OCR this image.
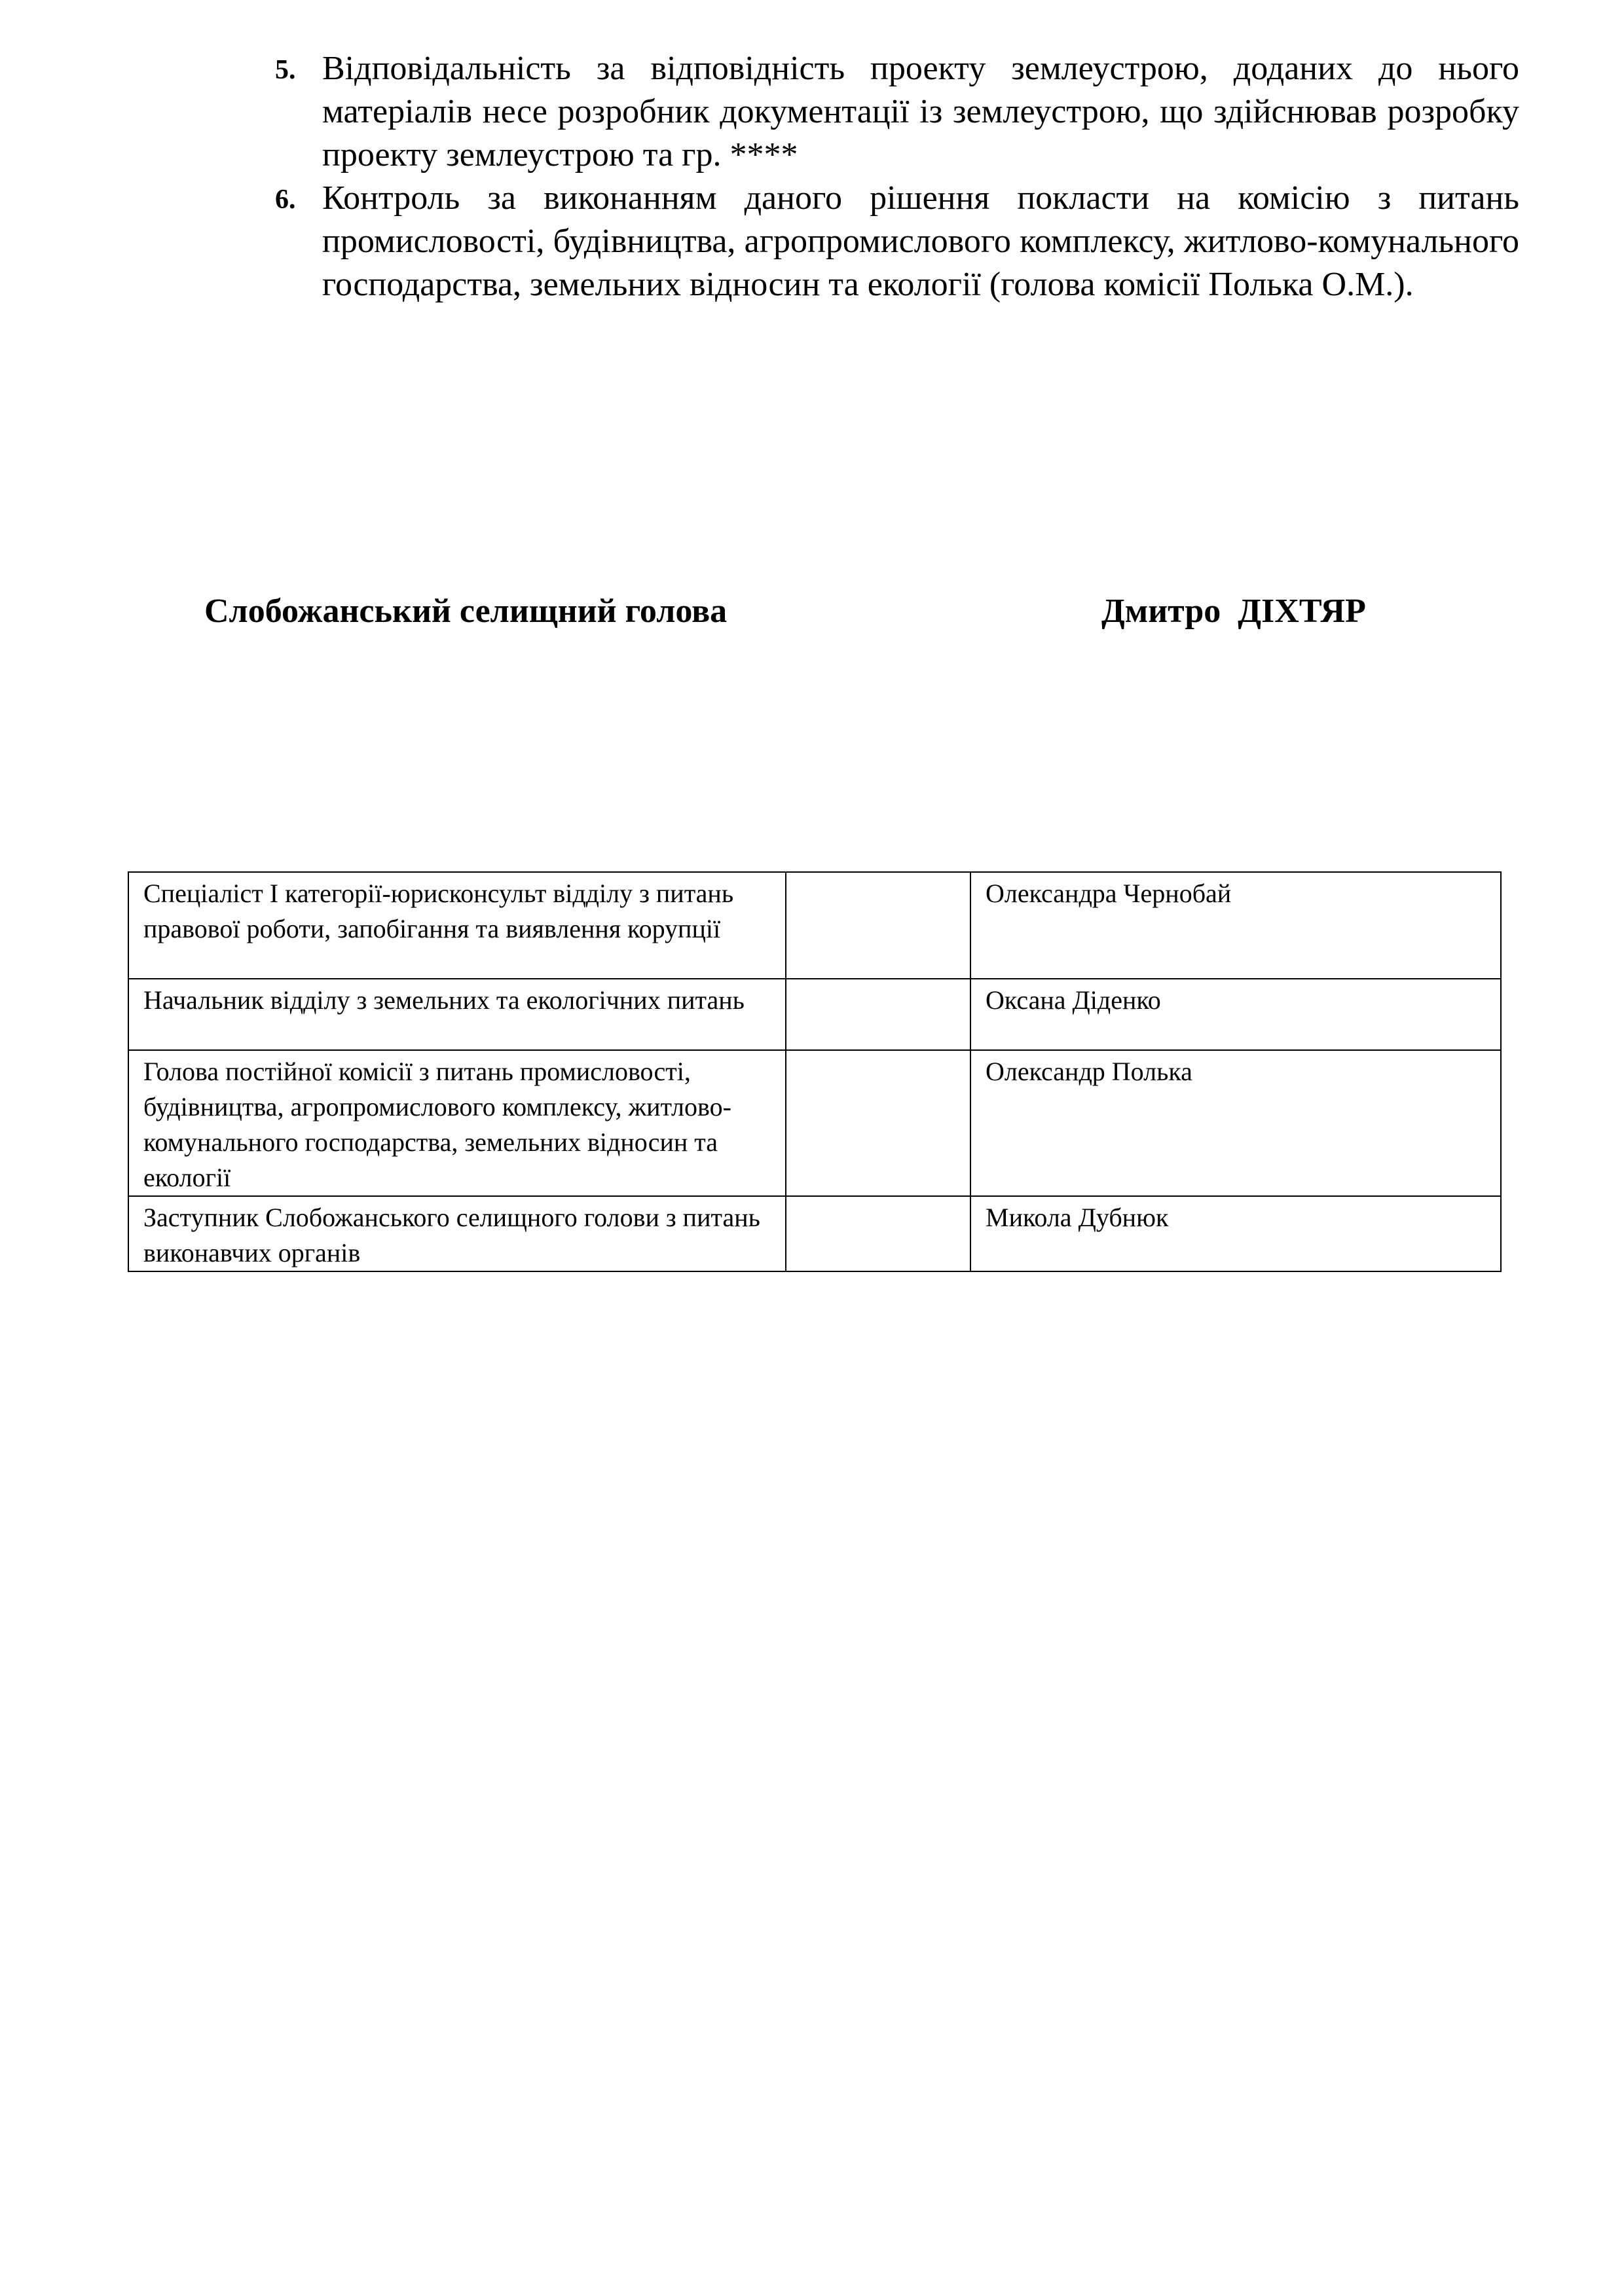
5. Відповідальність за відповідність проекту землеустрою, доданих до нього матеріалів несе розробник документації із землеустрою, що здійснював розробку проекту землеустрою та гр. ****
6. Контроль за виконанням даного рішення покласти на комісію з питань промисловості, будівництва, агропромислового комплексу, житлово-комунального господарства, земельних відносин та екології (голова комісії Полька О.М.).
Слобожанський селищний голова	Дмитро  ДІХТЯР
Спеціаліст І категорії-юрисконсульт відділу з питань правової роботи, запобігання та виявлення корупції		Олександра Чернобай
Начальник відділу з земельних та екологічних питань		Оксана Діденко
Голова постійної комісії з питань промисловості, будівництва, агропромислового комплексу, житлово-комунального господарства, земельних відносин та екології		Олександр Полька
Заступник Слобожанського селищного голови з питань виконавчих органів		Микола Дубнюк
